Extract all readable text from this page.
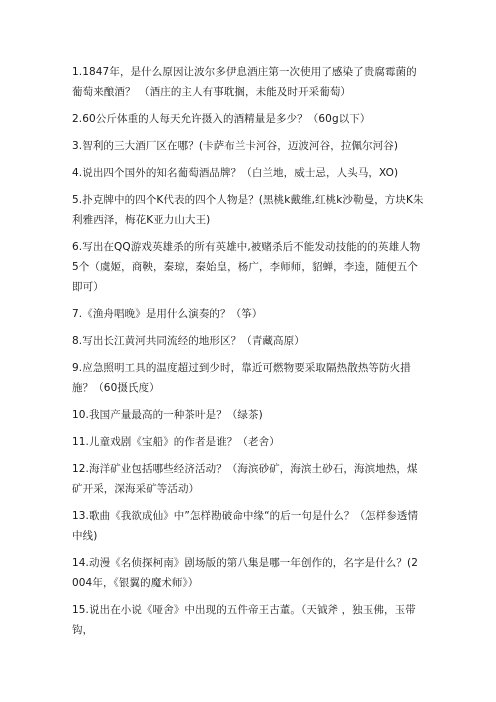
1.1847年，是什么原因让波尔多伊息酒庄第一次使用了感染了贵腐霉菌的葡萄来酿酒？ （酒庄的主人有事耽搁，未能及时开采葡萄）

2.60公斤体重的人每天允许摄入的酒精量是多少？（60g以下）

3.智利的三大酒厂区在哪？(卡萨布兰卡河谷，迈波河谷，拉佩尔河谷)

4.说出四个国外的知名葡萄酒品牌？（白兰地，威士忌，人头马，XO)

5.扑克牌中的四个K代表的四个人物是？(黑桃k戴维,红桃k沙勒曼，方块K朱利雅西泽，梅花K亚力山大王)

6.写出在QQ游戏英雄杀的所有英雄中,被赌杀后不能发动技能的的英雄人物5个（虞姬，商鞅，秦琼，秦始皇，杨广，李师师，貂蝉，李逵，随便五个即可）

7.《渔舟唱晚》是用什么演奏的？（筝）

8.写出长江黄河共同流经的地形区？（青藏高原）

9.应急照明工具的温度超过到少时，靠近可燃物要采取隔热散热等防火措施？（60摄氏度）

10.我国产量最高的一种茶叶是？（绿茶)

11.儿童戏剧《宝船》的作者是谁？（老舍）

12.海洋矿业包括哪些经济活动？（海滨砂矿，海滨土砂石，海滨地热，煤矿开采，深海采矿等活动）

13.歌曲《我欲成仙》中”怎样勘破命中缘“的后一句是什么？（怎样参透情中线)

14.动漫《名侦探柯南》剧场版的第八集是哪一年创作的，名字是什么？(2004年，《银翼的魔术师》）

15.说出在小说《哑舍》中出现的五件帝王古董。（天钺斧 ，独玉佛，玉带钩，
